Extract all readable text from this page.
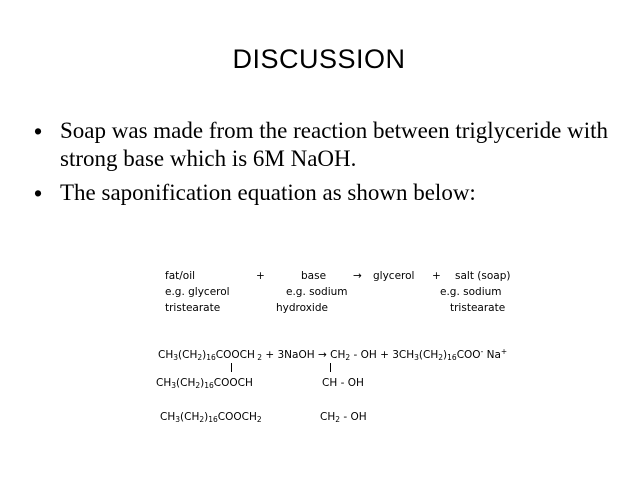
DISCUSSION
• Soap was made from the reaction between triglyceride with strong base which is 6M NaOH.
• The saponification equation as shown below:
fat/oil
e.g. glycerol
tristearate
+	base
e.g. sodium
hydroxide
→ glycerol + salt (soap)
e.g. sodium
tristearate
$CH_3(CH_2)_{16}COOCH$ $_2$ + 3NaOH → $CH_2$ - OH + $3CH_3(CH_2)_{16}COO^-$ Na+
$CH_3(CH_2)_{16}COOCH$	CH - OH
$CH_3(CH_2)_{16}COOCH_2$	$CH_2$ - OH
